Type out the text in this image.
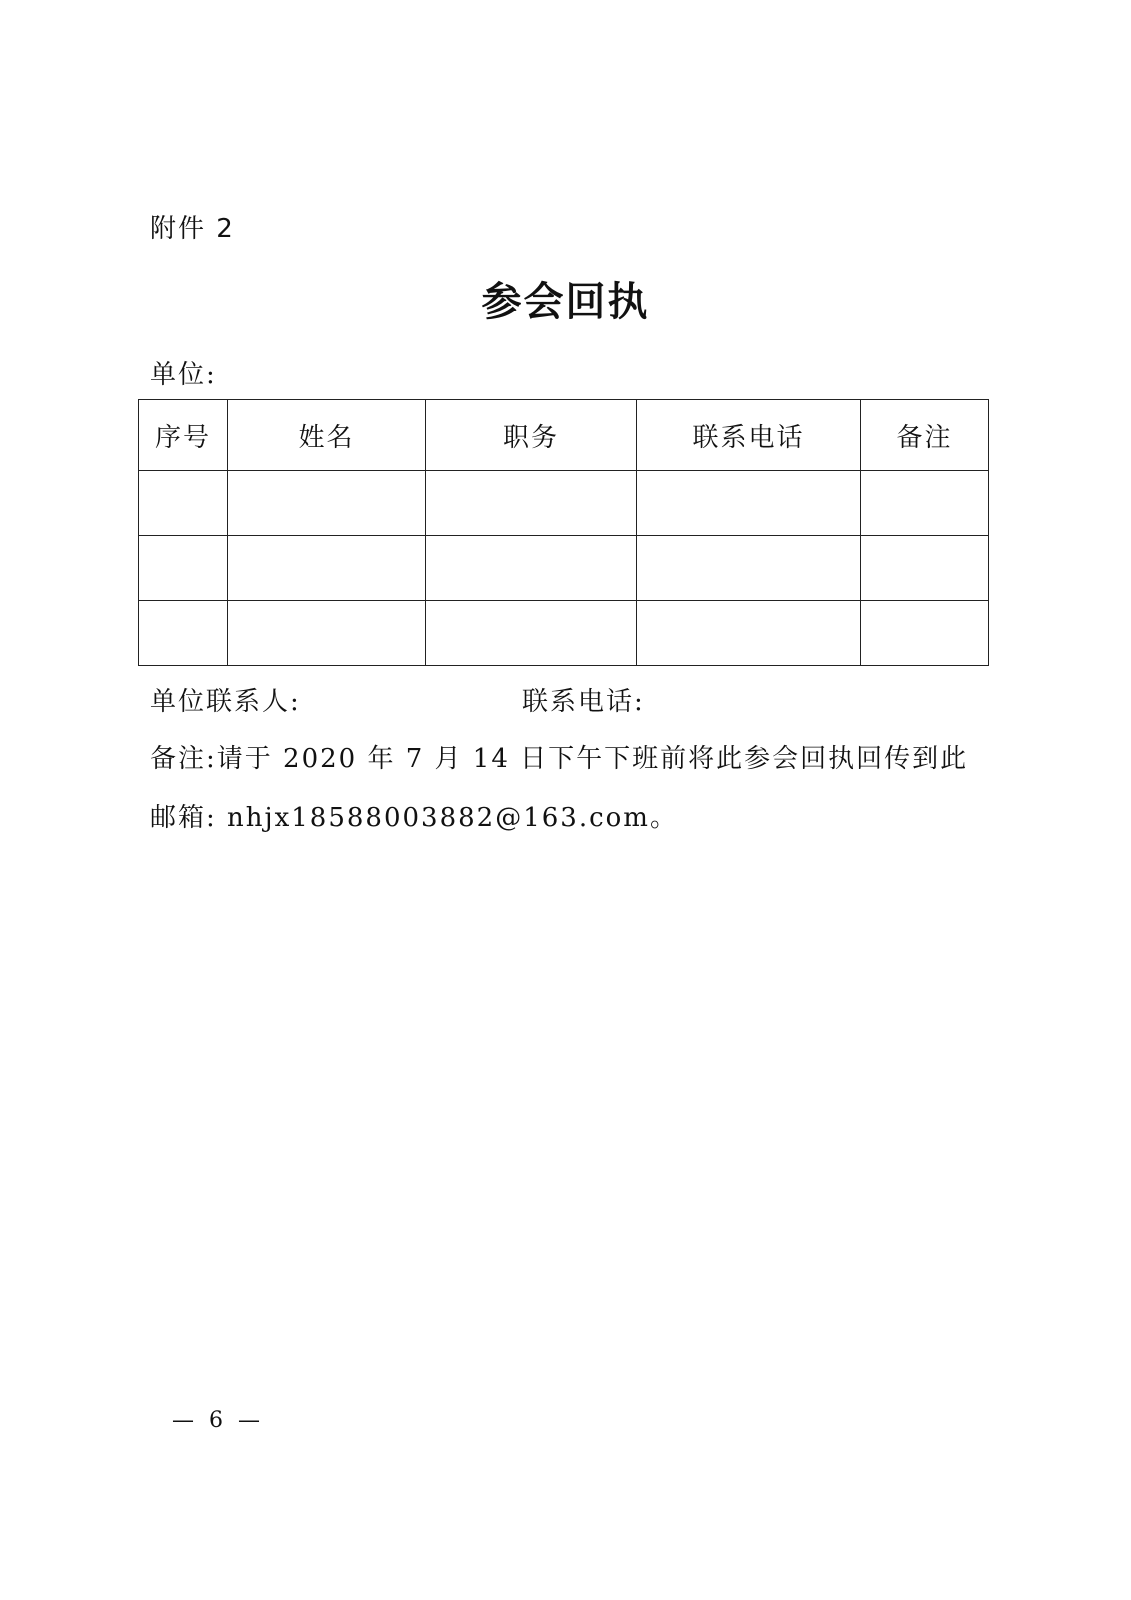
附件 2
参会回执
单位:
序号	姓名	职务	联系电话	备注

单位联系人:	联系电话:
备注:请于 2020 年 7 月 14 日下午下班前将此参会回执回传到此
邮箱: nhjx18588003882@163.com。
— 6 —
